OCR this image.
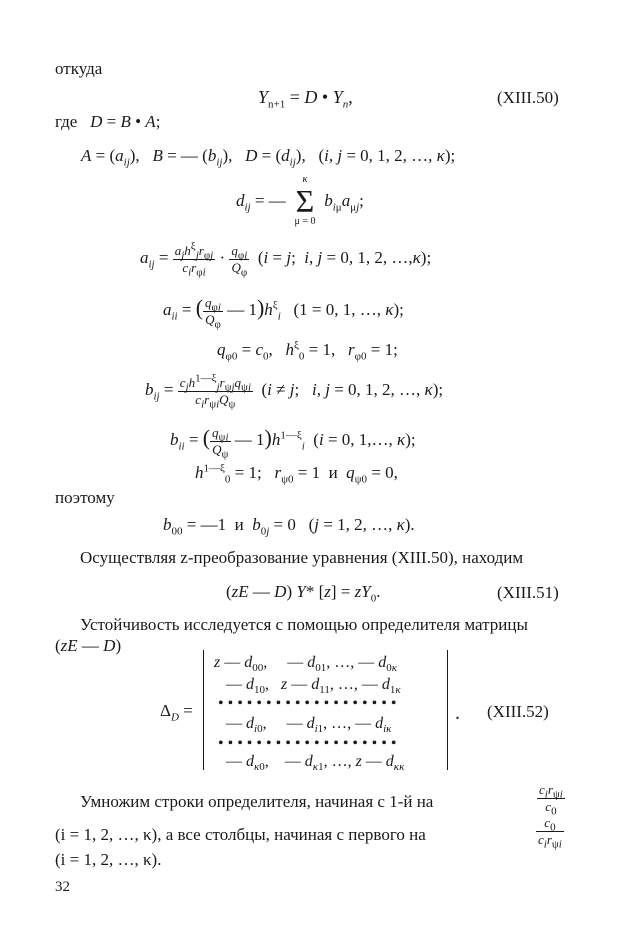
откуда
$Y_{n+1} = D$ • $Y_n$,	(XIII.50)
где D = B • A;
$A = (a_{ij})$,   B = — $(b_{ij})$,   $D = (d_{ij})$,   (i, j = 0, 1, 2, …, κ);
$d_{ij}$ = —
κ
Σ
μ = 0
$b_{i\mu}a_{\mu j}$;
$a_{ij} = \frac{a_jh^\xi_jr_{\varphi j}}{c_ir_{\varphi i}} \cdot \frac{q_{\varphi i}}{Q_\varphi} (i = j$;  i, j = 0, 1, 2, …,κ);
$a_{ii}$ = ( $\frac{q_{\varphi i}}{Q_\varphi}$ — $1)h^\xi_i$   (1 = 0, 1, …, κ);
$q_{\varphi 0} = c_0$,   $h^\xi_0 = 1$,   $r_{\varphi 0} = 1$;
$b_{ij} = \frac{c_jh^{1—\xi}_jr_{\psi j}q_{\psi i}}{c_ir_{\psi i}Q_\psi} (i \ne j$;   i, j = 0, 1, 2, …, κ);
$b_{ii}$ = ( $\frac{q_{\psi i}}{Q_\psi}$ — $1)h^{1—\xi}_i$  (i = 0, 1,…, κ);
$h^{1—\xi}_0 = 1$;   $r_{\psi 0} = 1$  и  $q_{\psi 0} = 0$,
поэтому
$b_{00}$ = —1  и  $b_{0j} = 0$   (j = 1, 2, …, κ).
Осуществляя z-преобразование уравнения (XIII.50), находим
(zE — D) Y* $[z] = zY_0$.	(XIII.51)
Устойчивость исследуется с помощью определителя матрицы
(zE — D)
$\Delta_D$ =
z — $d_{00}$,     — $d_{01}$, …, — $d_{0\kappa}$
— $d_{10}$,   z — $d_{11}$, …, — $d_{1\kappa}$
•••••••••••••••••••
— $d_{i0}$,     — $d_{i1}$, …, — $d_{i\kappa}$
•••••••••••••••••••
— $d_{\kappa 0}$,    — $d_{\kappa 1}$, …, z — $d_{\kappa\kappa}$
. (XIII.52)
Умножим строки определителя, начиная с 1-й на	$\frac{c_ir_{\psi i}}{c_0}$
(i = 1, 2, …, κ), а все столбцы, начиная с первого на	$\frac{c_0}{c_ir_{\psi i}}$
(i = 1, 2, …, κ).
32
